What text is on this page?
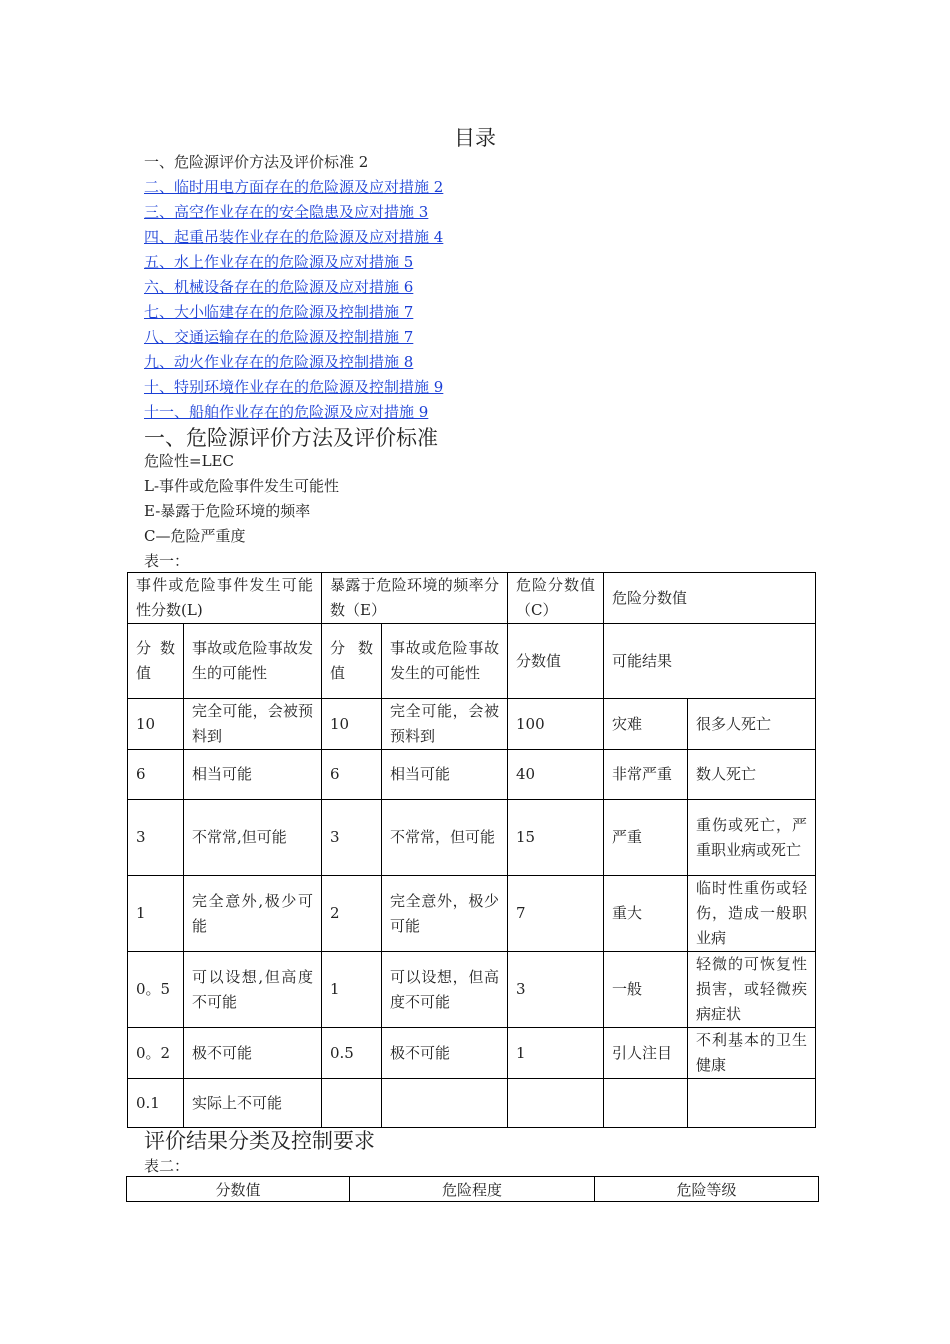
目录
一、危险源评价方法及评价标准 2
二、临时用电方面存在的危险源及应对措施 2
三、高空作业存在的安全隐患及应对措施 3
四、起重吊装作业存在的危险源及应对措施 4
五、水上作业存在的危险源及应对措施 5
六、机械设备存在的危险源及应对措施 6
七、大小临建存在的危险源及控制措施 7
八、交通运输存在的危险源及控制措施 7
九、动火作业存在的危险源及控制措施 8
十、特别环境作业存在的危险源及控制措施 9
十一、船舶作业存在的危险源及应对措施 9
一、危险源评价方法及评价标准
危险性=LEC
L-事件或危险事件发生可能性
E-暴露于危险环境的频率
C—危险严重度
表一：
事件或危险事件发生可能性分数(L)		暴露于危险环境的频率分数（E）		危险分数值（C）	危险分数值	
分数值	事故或危险事故发生的可能性	分数值	事故或危险事故发生的可能性	分数值	可能结果	
10	完全可能，会被预料到	10	完全可能，会被预料到	100	灾难	很多人死亡
6	相当可能	6	相当可能	40	非常严重	数人死亡
3	不常常,但可能	3	不常常，但可能	15	严重	重伤或死亡，严重职业病或死亡
1	完全意外,极少可能	2	完全意外，极少可能	7	重大	临时性重伤或轻伤，造成一般职业病
0。5	可以设想,但高度不可能	1	可以设想，但高度不可能	3	一般	轻微的可恢复性损害，或轻微疾病症状
0。2	极不可能	0.5	极不可能	1	引人注目	不利基本的卫生健康
0.1	实际上不可能					
评价结果分类及控制要求
表二：
分数值	危险程度	危险等级
